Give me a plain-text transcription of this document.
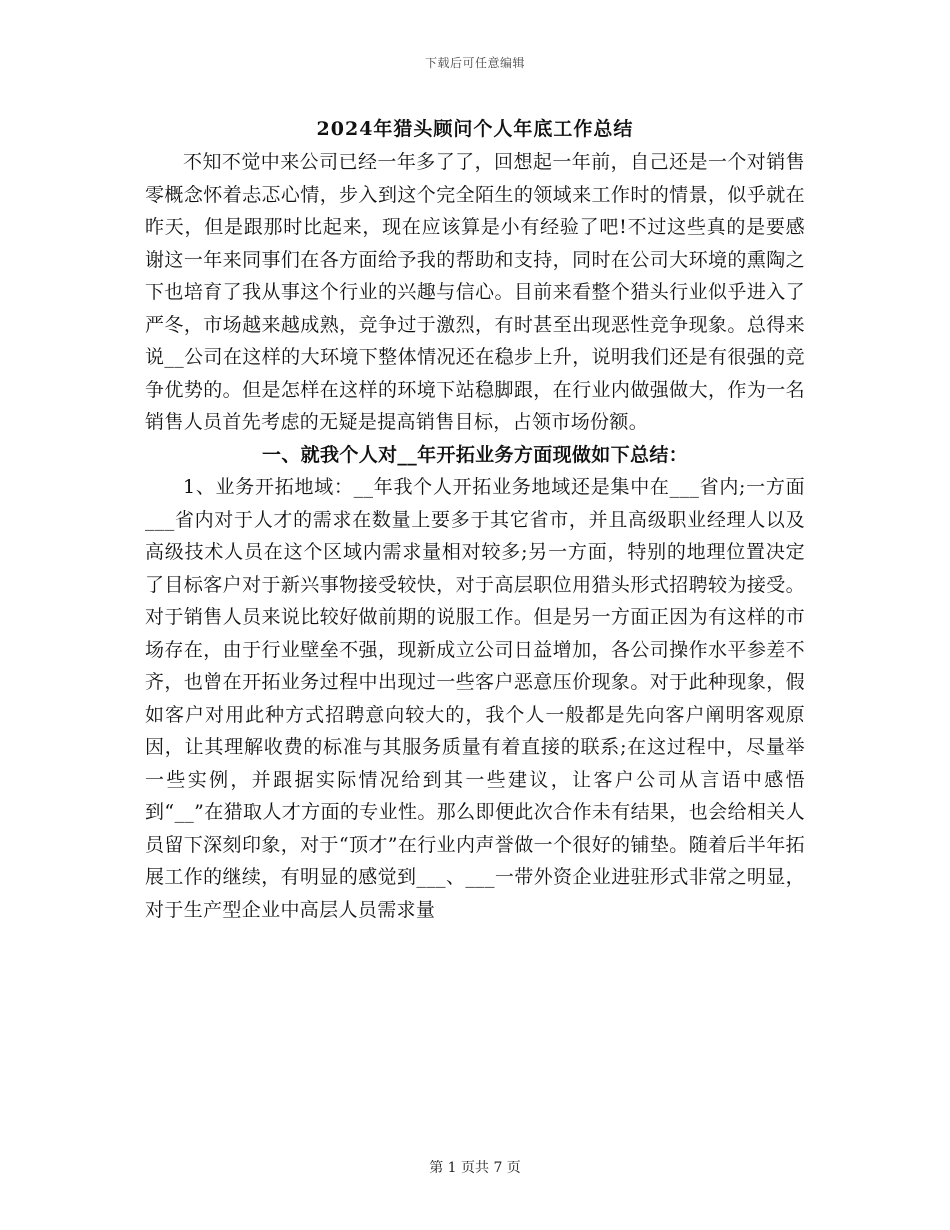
下载后可任意编辑
2024年猎头顾问个人年底工作总结

不知不觉中来公司已经一年多了了，回想起一年前，自己还是一个对销售零概念怀着忐忑心情，步入到这个完全陌生的领域来工作时的情景，似乎就在昨天，但是跟那时比起来，现在应该算是小有经验了吧!不过这些真的是要感谢这一年来同事们在各方面给予我的帮助和支持，同时在公司大环境的熏陶之下也培育了我从事这个行业的兴趣与信心。目前来看整个猎头行业似乎进入了严冬，市场越来越成熟，竞争过于激烈，有时甚至出现恶性竞争现象。总得来说__公司在这样的大环境下整体情况还在稳步上升，说明我们还是有很强的竞争优势的。但是怎样在这样的环境下站稳脚跟，在行业内做强做大，作为一名销售人员首先考虑的无疑是提高销售目标，占领市场份额。

一、就我个人对__年开拓业务方面现做如下总结：

1、业务开拓地域：__年我个人开拓业务地域还是集中在___省内;一方面___省内对于人才的需求在数量上要多于其它省市，并且高级职业经理人以及高级技术人员在这个区域内需求量相对较多;另一方面，特别的地理位置决定了目标客户对于新兴事物接受较快，对于高层职位用猎头形式招聘较为接受。对于销售人员来说比较好做前期的说服工作。但是另一方面正因为有这样的市场存在，由于行业壁垒不强，现新成立公司日益增加，各公司操作水平参差不齐，也曾在开拓业务过程中出现过一些客户恶意压价现象。对于此种现象，假如客户对用此种方式招聘意向较大的，我个人一般都是先向客户阐明客观原因，让其理解收费的标准与其服务质量有着直接的联系;在这过程中，尽量举一些实例，并跟据实际情况给到其一些建议，让客户公司从言语中感悟到“__”在猎取人才方面的专业性。那么即便此次合作未有结果，也会给相关人员留下深刻印象，对于“顶才”在行业内声誉做一个很好的铺垫。随着后半年拓展工作的继续，有明显的感觉到___、___一带外资企业进驻形式非常之明显，对于生产型企业中高层人员需求量

第 1 页共 7 页
